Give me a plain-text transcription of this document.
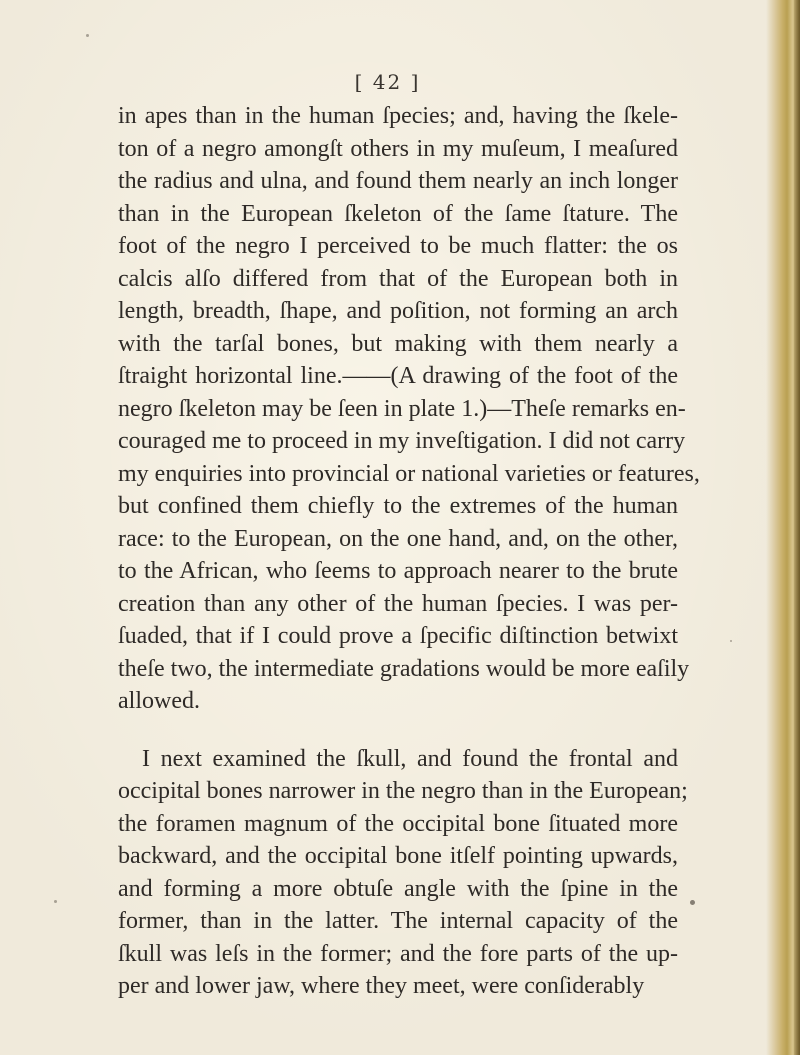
[ 42 ]
in apes than in the human ſpecies; and, having the ſkele-
ton of a negro amongſt others in my muſeum, I meaſured
the radius and ulna, and found them nearly an inch longer
than in the European ſkeleton of the ſame ſtature. The
foot of the negro I perceived to be much flatter: the os
calcis alſo differed from that of the European both in
length, breadth, ſhape, and poſition, not forming an arch
with the tarſal bones, but making with them nearly a
ſtraight horizontal line.——(A drawing of the foot of the
negro ſkeleton may be ſeen in plate 1.)—Theſe remarks en-
couraged me to proceed in my inveſtigation. I did not carry
my enquiries into provincial or national varieties or features,
but confined them chiefly to the extremes of the human
race: to the European, on the one hand, and, on the other,
to the African, who ſeems to approach nearer to the brute
creation than any other of the human ſpecies. I was per-
ſuaded, that if I could prove a ſpecific diſtinction betwixt
theſe two, the intermediate gradations would be more eaſily
allowed.
I next examined the ſkull, and found the frontal and
occipital bones narrower in the negro than in the European;
the foramen magnum of the occipital bone ſituated more
backward, and the occipital bone itſelf pointing upwards,
and forming a more obtuſe angle with the ſpine in the
former, than in the latter. The internal capacity of the
ſkull was leſs in the former; and the fore parts of the up-
per and lower jaw, where they meet, were conſiderably
